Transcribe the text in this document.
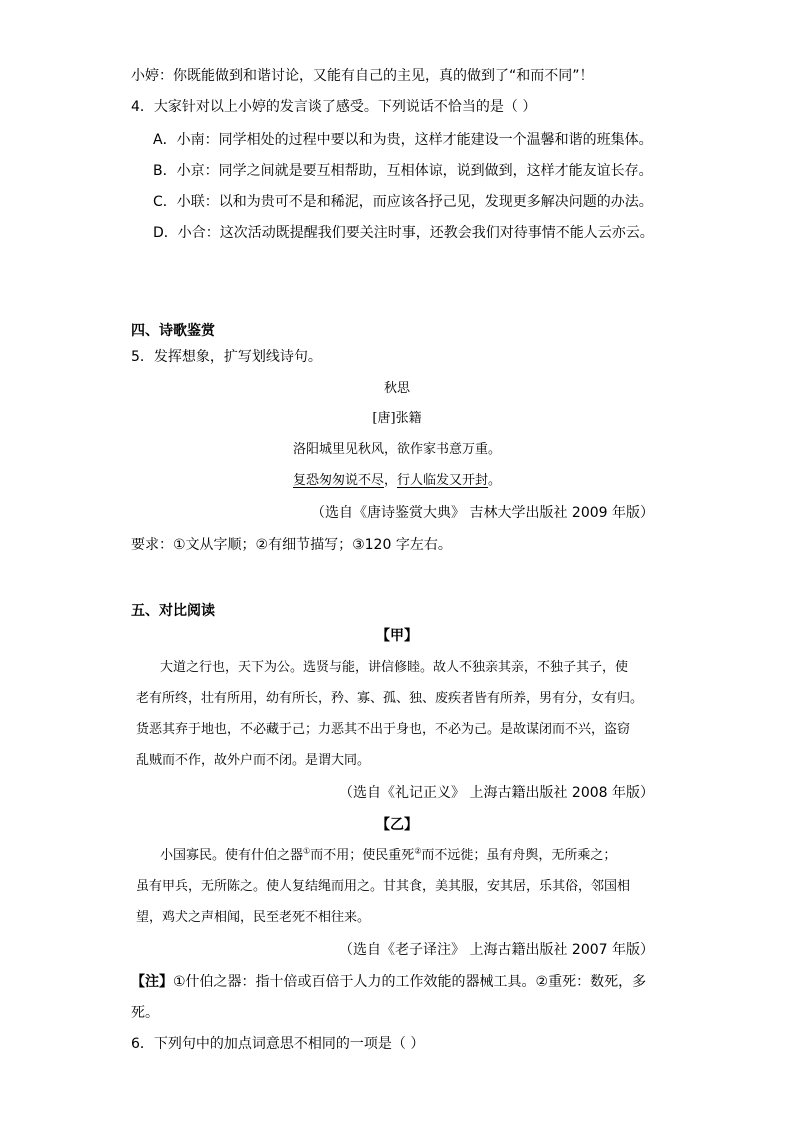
小婷：你既能做到和谐讨论，又能有自己的主见，真的做到了“和而不同”！
4．大家针对以上小婷的发言谈了感受。下列说话不恰当的是（ ）
A．小南：同学相处的过程中要以和为贵，这样才能建设一个温馨和谐的班集体。
B．小京：同学之间就是要互相帮助，互相体谅，说到做到，这样才能友谊长存。
C．小联：以和为贵可不是和稀泥，而应该各抒己见，发现更多解决问题的办法。
D．小合：这次活动既提醒我们要关注时事，还教会我们对待事情不能人云亦云。
四、诗歌鉴赏
5．发挥想象，扩写划线诗句。
秋思
[唐]张籍
洛阳城里见秋风，欲作家书意万重。
复恐匆匆说不尽，行人临发又开封。
（选自《唐诗鉴赏大典》 吉林大学出版社 2009 年版）
要求：①文从字顺；②有细节描写；③120 字左右。
五、对比阅读
【甲】
大道之行也，天下为公。选贤与能，讲信修睦。故人不独亲其亲，不独子其子，使
老有所终，壮有所用，幼有所长，矜、寡、孤、独、废疾者皆有所养，男有分，女有归。
货恶其弃于地也，不必藏于己；力恶其不出于身也，不必为己。是故谋闭而不兴，盗窃
乱贼而不作，故外户而不闭。是谓大同。
（选自《礼记正义》 上海古籍出版社 2008 年版）
【乙】
小国寡民。使有什伯之器①而不用；使民重死②而不远徙；虽有舟舆，无所乘之；
虽有甲兵，无所陈之。使人复结绳而用之。甘其食，美其服，安其居，乐其俗，邻国相
望，鸡犬之声相闻，民至老死不相往来。
（选自《老子译注》 上海古籍出版社 2007 年版）
【注】①什伯之器：指十倍或百倍于人力的工作效能的器械工具。②重死：数死，多
死。
6．下列句中的加点词意思不相同的一项是（ ）
